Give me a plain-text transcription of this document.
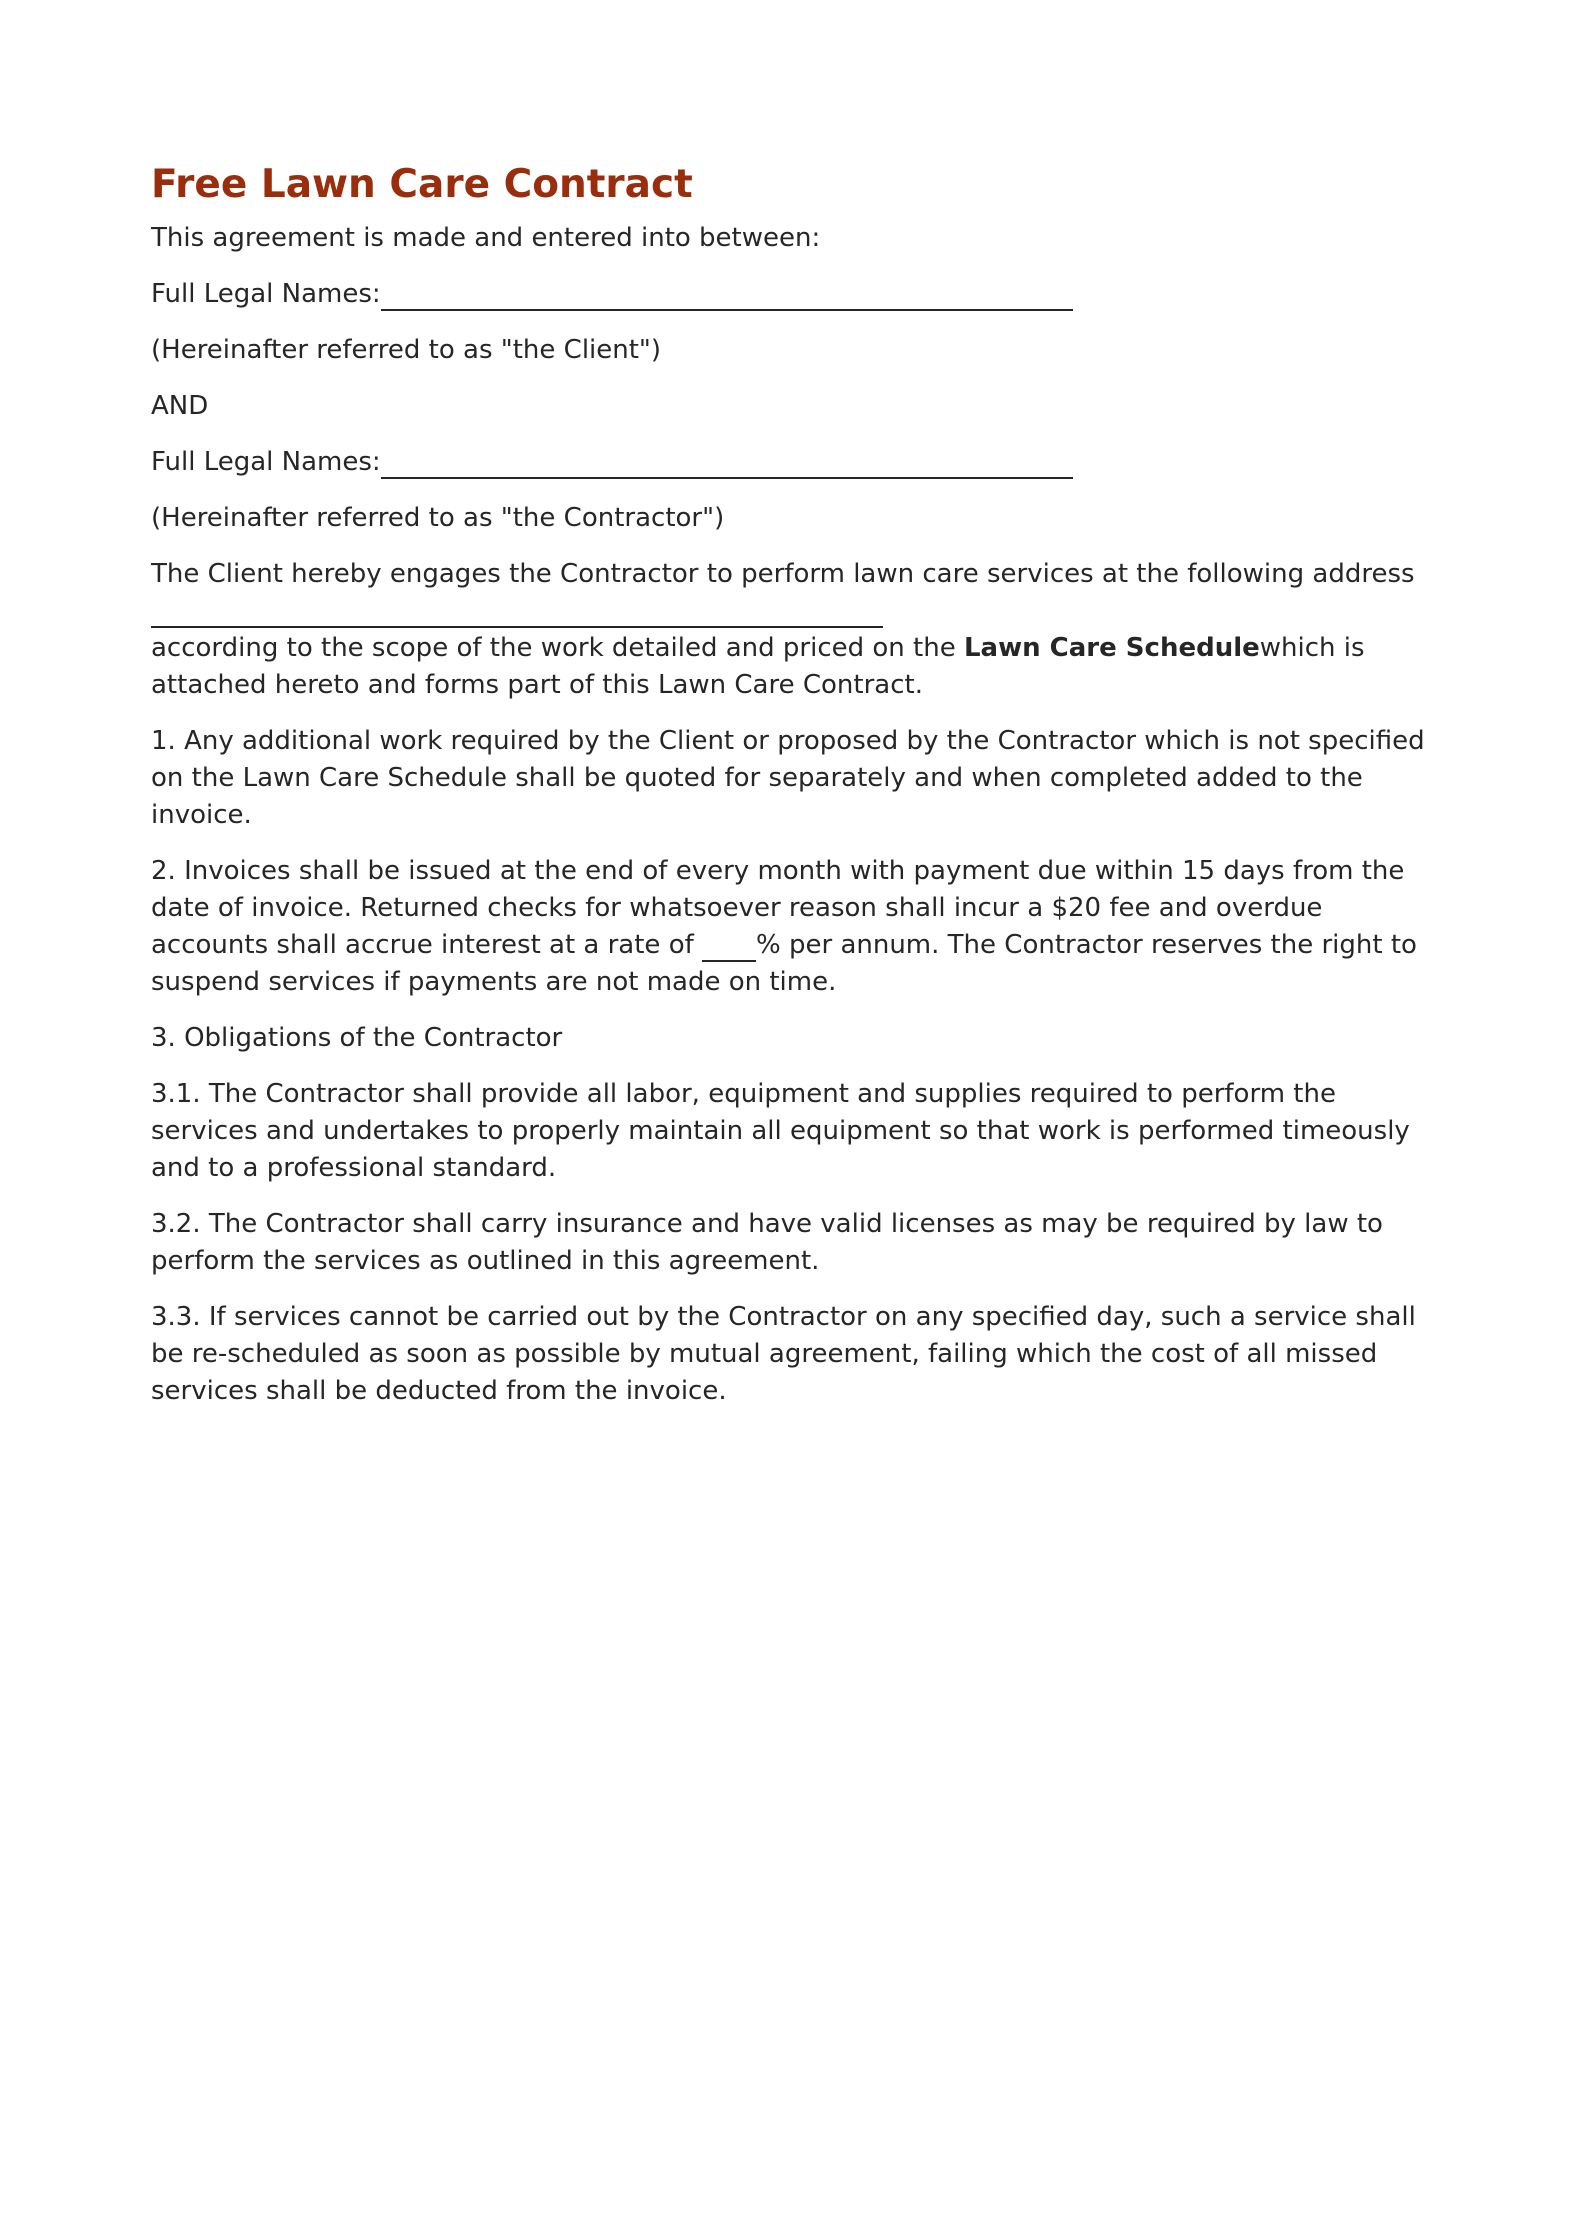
Free Lawn Care Contract
This agreement is made and entered into between:
Full Legal Names:
(Hereinafter referred to as "the Client")
AND
Full Legal Names:
(Hereinafter referred to as "the Contractor")
The Client hereby engages the Contractor to perform lawn care services at the following address
according to the scope of the work detailed and priced on the Lawn Care Schedulewhich is attached hereto and forms part of this Lawn Care Contract.
1. Any additional work required by the Client or proposed by the Contractor which is not specified on the Lawn Care Schedule shall be quoted for separately and when completed added to the invoice.
2. Invoices shall be issued at the end of every month with payment due within 15 days from the date of invoice. Returned checks for whatsoever reason shall incur a $20 fee and overdue accounts shall accrue interest at a rate of % per annum. The Contractor reserves the right to suspend services if payments are not made on time.
3. Obligations of the Contractor
3.1. The Contractor shall provide all labor, equipment and supplies required to perform the services and undertakes to properly maintain all equipment so that work is performed timeously and to a professional standard.
3.2. The Contractor shall carry insurance and have valid licenses as may be required by law to perform the services as outlined in this agreement.
3.3. If services cannot be carried out by the Contractor on any specified day, such a service shall be re-scheduled as soon as possible by mutual agreement, failing which the cost of all missed services shall be deducted from the invoice.
